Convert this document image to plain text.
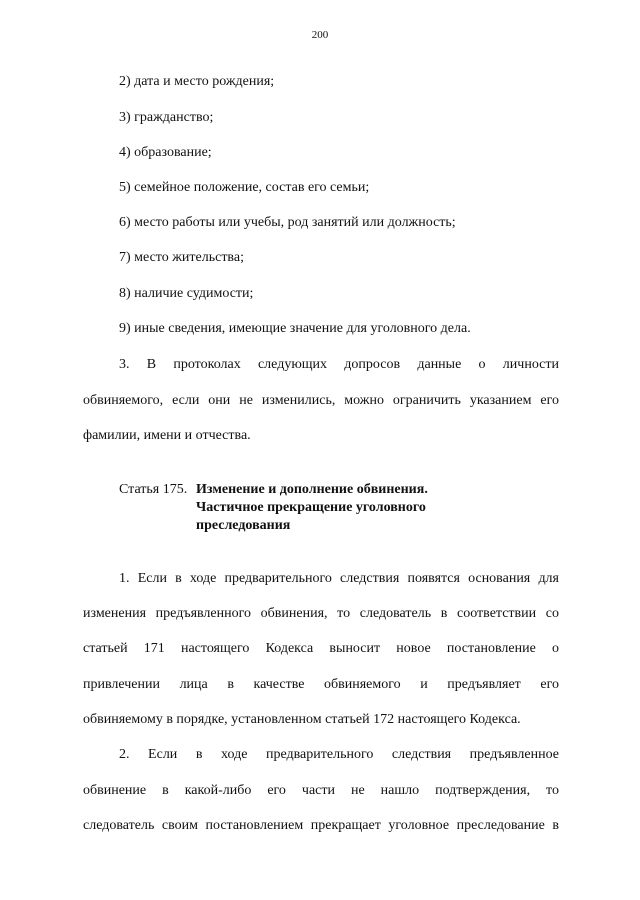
200
2) дата и место рождения;
3) гражданство;
4) образование;
5) семейное положение, состав его семьи;
6) место работы или учебы, род занятий или должность;
7) место жительства;
8) наличие судимости;
9) иные сведения, имеющие значение для уголовного дела.
3. В протоколах следующих допросов данные о личности
обвиняемого, если они не изменились, можно ограничить указанием его
фамилии, имени и отчества.
Статья 175. Изменение и дополнение обвинения.
Частичное прекращение уголовного
преследования
1. Если в ходе предварительного следствия появятся основания для
изменения предъявленного обвинения, то следователь в соответствии со
статьей 171 настоящего Кодекса выносит новое постановление о
привлечении лица в качестве обвиняемого и предъявляет его
обвиняемому в порядке, установленном статьей 172 настоящего Кодекса.
2. Если в ходе предварительного следствия предъявленное
обвинение в какой-либо его части не нашло подтверждения, то
следователь своим постановлением прекращает уголовное преследование в
